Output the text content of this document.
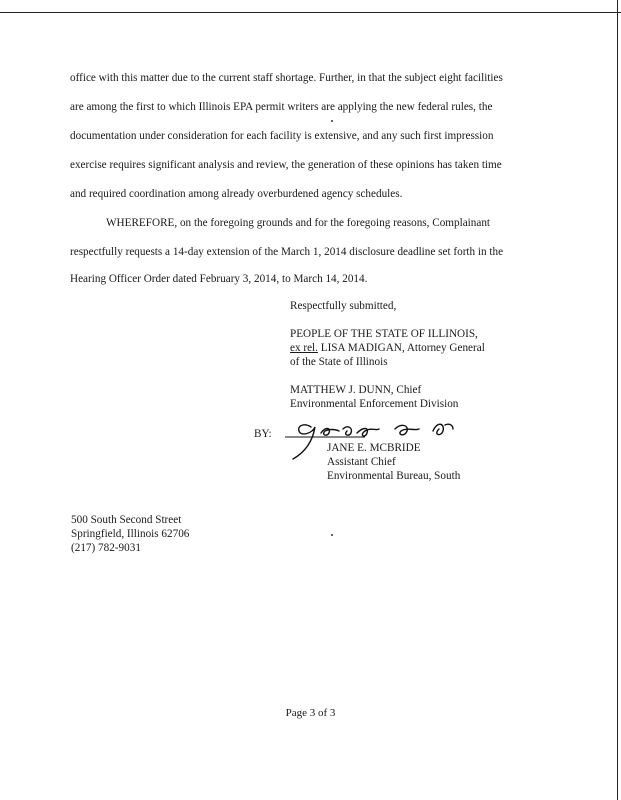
office with this matter due to the current staff shortage. Further, in that the subject eight facilities
are among the first to which Illinois EPA permit writers are applying the new federal rules, the
documentation under consideration for each facility is extensive, and any such first impression
exercise requires significant analysis and review, the generation of these opinions has taken time
and required coordination among already overburdened agency schedules.
WHEREFORE, on the foregoing grounds and for the foregoing reasons, Complainant
respectfully requests a 14-day extension of the March 1, 2014 disclosure deadline set forth in the
Hearing Officer Order dated February 3, 2014, to March 14, 2014.
Respectfully submitted,
PEOPLE OF THE STATE OF ILLINOIS,
ex rel. LISA MADIGAN, Attorney General
of the State of Illinois
MATTHEW J. DUNN, Chief
Environmental Enforcement Division
BY:
JANE E. MCBRIDE
Assistant Chief
Environmental Bureau, South
500 South Second Street
Springfield, Illinois 62706
(217) 782-9031
Page 3 of 3
